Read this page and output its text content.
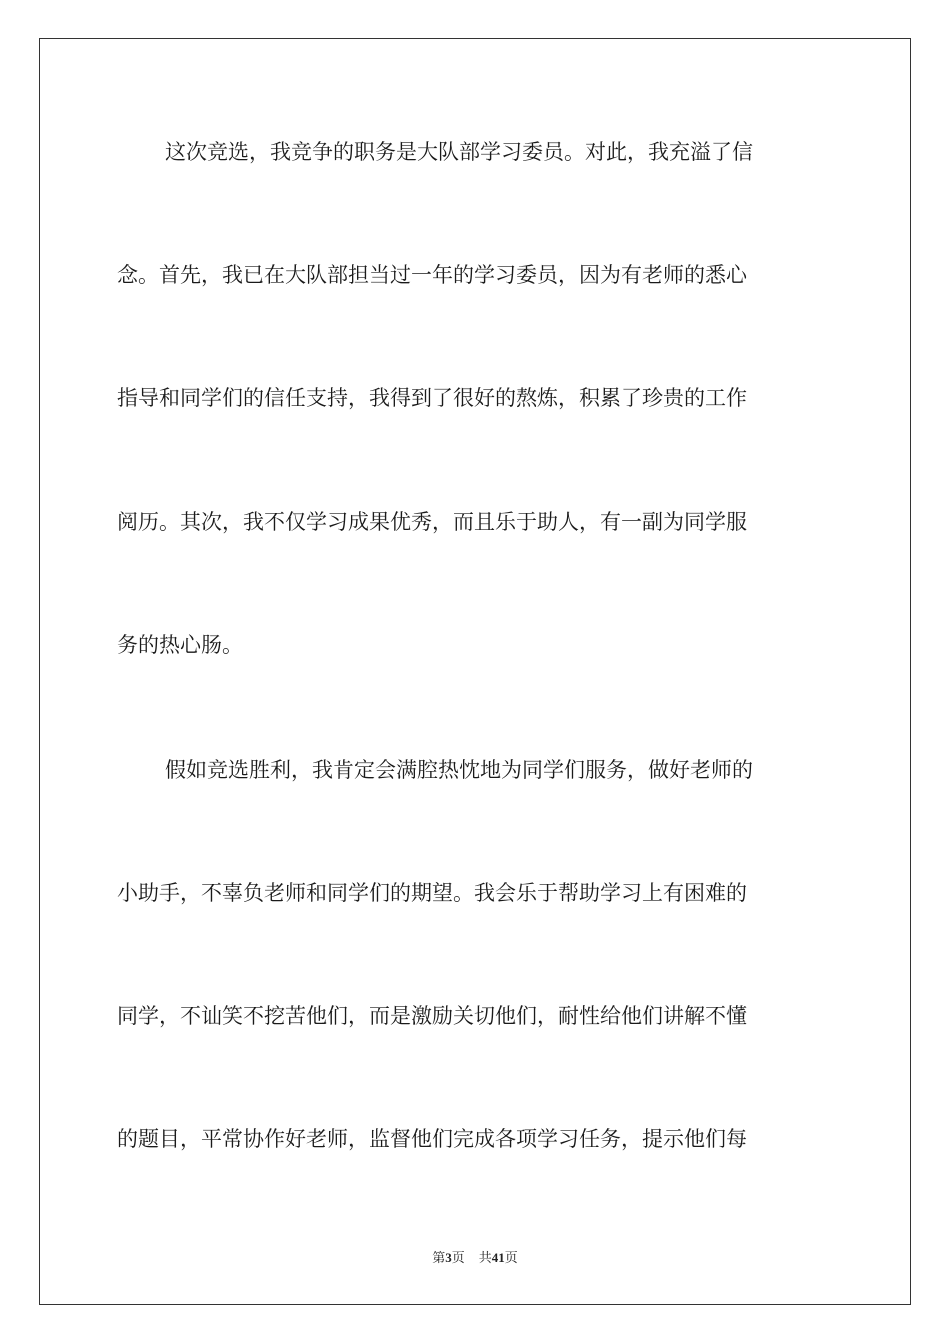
这次竞选，我竞争的职务是大队部学习委员。对此，我充溢了信
念。首先，我已在大队部担当过一年的学习委员，因为有老师的悉心
指导和同学们的信任支持，我得到了很好的熬炼，积累了珍贵的工作
阅历。其次，我不仅学习成果优秀，而且乐于助人，有一副为同学服
务的热心肠。
假如竞选胜利，我肯定会满腔热忱地为同学们服务，做好老师的
小助手，不辜负老师和同学们的期望。我会乐于帮助学习上有困难的
同学，不讪笑不挖苦他们，而是激励关切他们，耐性给他们讲解不懂
的题目，平常协作好老师，监督他们完成各项学习任务，提示他们每
第3页 共41页
